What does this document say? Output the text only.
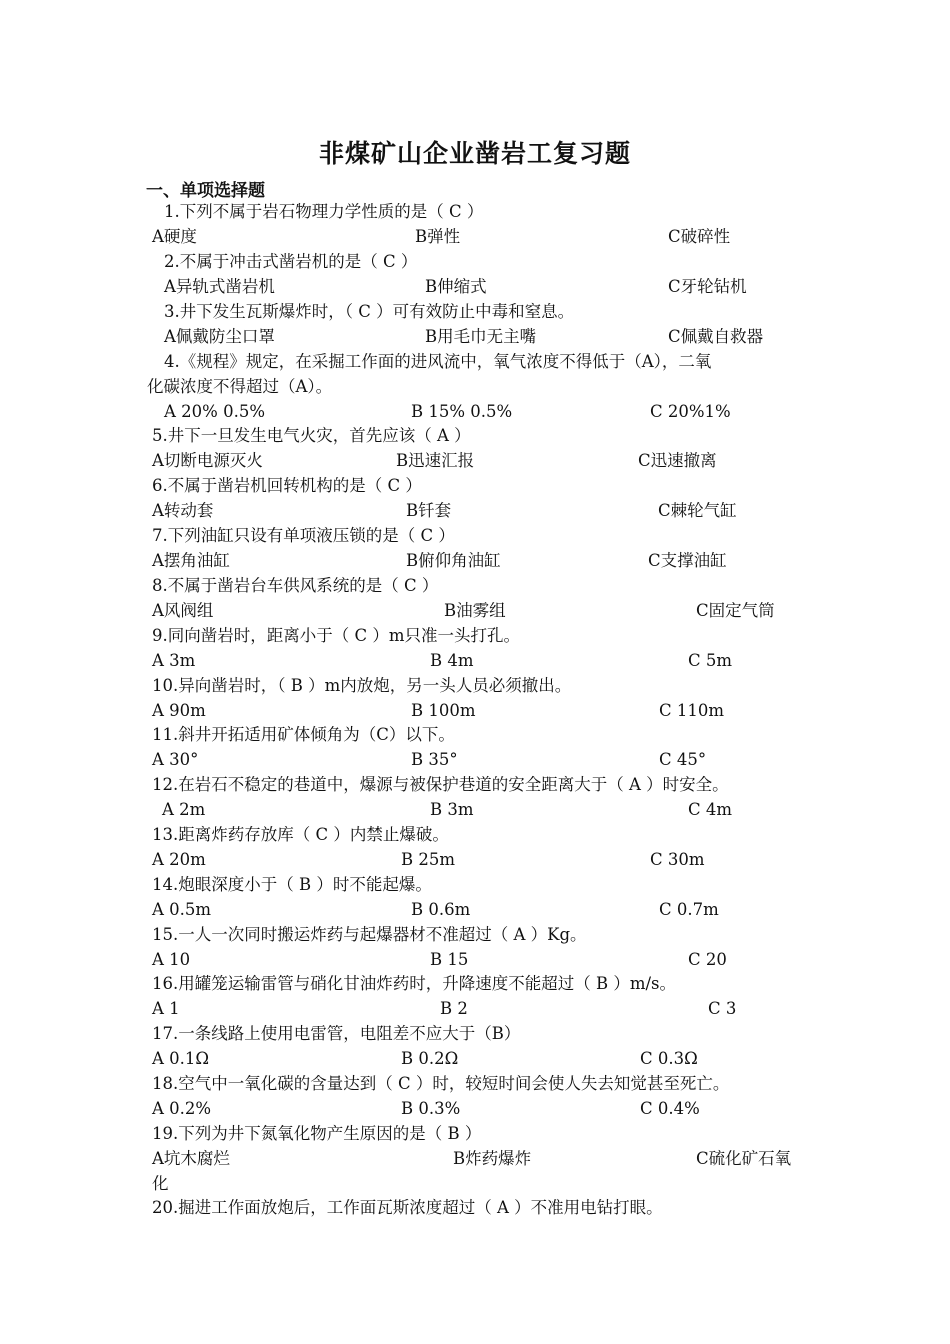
非煤矿山企业凿岩工复习题
一、单项选择题
1.下列不属于岩石物理力学性质的是（ C ）
A硬度	B弹性	C破碎性
2.不属于冲击式凿岩机的是（ C ）
A异轨式凿岩机	B伸缩式	C牙轮钻机
3.井下发生瓦斯爆炸时，（ C ）可有效防止中毒和窒息。
A佩戴防尘口罩	B用毛巾无主嘴	C佩戴自救器
4.《规程》规定，在采掘工作面的进风流中，氧气浓度不得低于（A），二氧
化碳浓度不得超过（A）。
A 20% 0.5%	B 15% 0.5%	C 20%1%
5.井下一旦发生电气火灾，首先应该（ A ）
A切断电源灭火	B迅速汇报	C迅速撤离
6.不属于凿岩机回转机构的是（ C ）
A转动套	B钎套	C棘轮气缸
7.下列油缸只设有单项液压锁的是（ C ）
A摆角油缸	B俯仰角油缸	C支撑油缸
8.不属于凿岩台车供风系统的是（ C ）
A风阀组	B油雾组	C固定气筒
9.同向凿岩时，距离小于（ C ）m只准一头打孔。
A 3m	B 4m	C 5m
10.异向凿岩时，（ B ）m内放炮，另一头人员必须撤出。
A 90m	B 100m	C 110m
11.斜井开拓适用矿体倾角为（C）以下。
A 30°	B 35°	C 45°
12.在岩石不稳定的巷道中，爆源与被保护巷道的安全距离大于（ A ）时安全。
A 2m	B 3m	C 4m
13.距离炸药存放库（ C ）内禁止爆破。
A 20m	B 25m	C 30m
14.炮眼深度小于（ B ）时不能起爆。
A 0.5m	B 0.6m	C 0.7m
15.一人一次同时搬运炸药与起爆器材不准超过（ A ）Kg。
A 10	B 15	C 20
16.用罐笼运输雷管与硝化甘油炸药时，升降速度不能超过（ B ）m/s。
A 1	B 2	C 3
17.一条线路上使用电雷管，电阻差不应大于（B）
A 0.1Ω	B 0.2Ω	C 0.3Ω
18.空气中一氧化碳的含量达到（ C ）时，较短时间会使人失去知觉甚至死亡。
A 0.2%	B 0.3%	C 0.4%
19.下列为井下氮氧化物产生原因的是（ B ）
A坑木腐烂	B炸药爆炸	C硫化矿石氧
化
20.掘进工作面放炮后，工作面瓦斯浓度超过（ A ）不准用电钻打眼。
